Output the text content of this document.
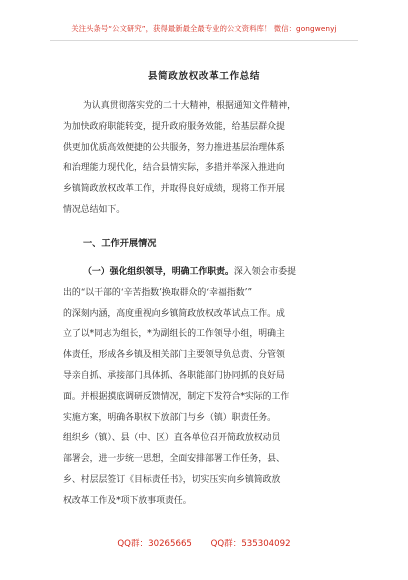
关注头条号“公文研究”，获得最新最全最专业的公文资料库！ 微信：gongwenyj
县简政放权改革工作总结
为认真贯彻落实党的二十大精神，根据通知文件精神，
为加快政府职能转变，提升政府服务效能，给基层群众提
供更加优质高效便捷的公共服务，努力推进基层治理体系
和治理能力现代化，结合县情实际，多措并举深入推进向
乡镇简政放权改革工作，并取得良好成绩，现将工作开展
情况总结如下。
一、工作开展情况
（一）强化组织领导，明确工作职责。深入领会市委提
出的“以干部的‘辛苦指数’换取群众的‘幸福指数’”
的深刻内涵，高度重视向乡镇简政放权改革试点工作。成
立了以*同志为组长，*为副组长的工作领导小组，明确主
体责任，形成各乡镇及相关部门主要领导负总责、分管领
导亲自抓、承接部门具体抓、各职能部门协同抓的良好局
面。并根据摸底调研反馈情况，制定下发符合*实际的工作
实施方案，明确各职权下放部门与乡（镇）职责任务。
组织乡（镇）、县（中、区）直各单位召开简政放权动员
部署会，进一步统一思想，全面安排部署工作任务，县、
乡、村层层签订《目标责任书》，切实压实向乡镇简政放
权改革工作及*项下放事项责任。
QQ群：30265665 QQ群：535304092
